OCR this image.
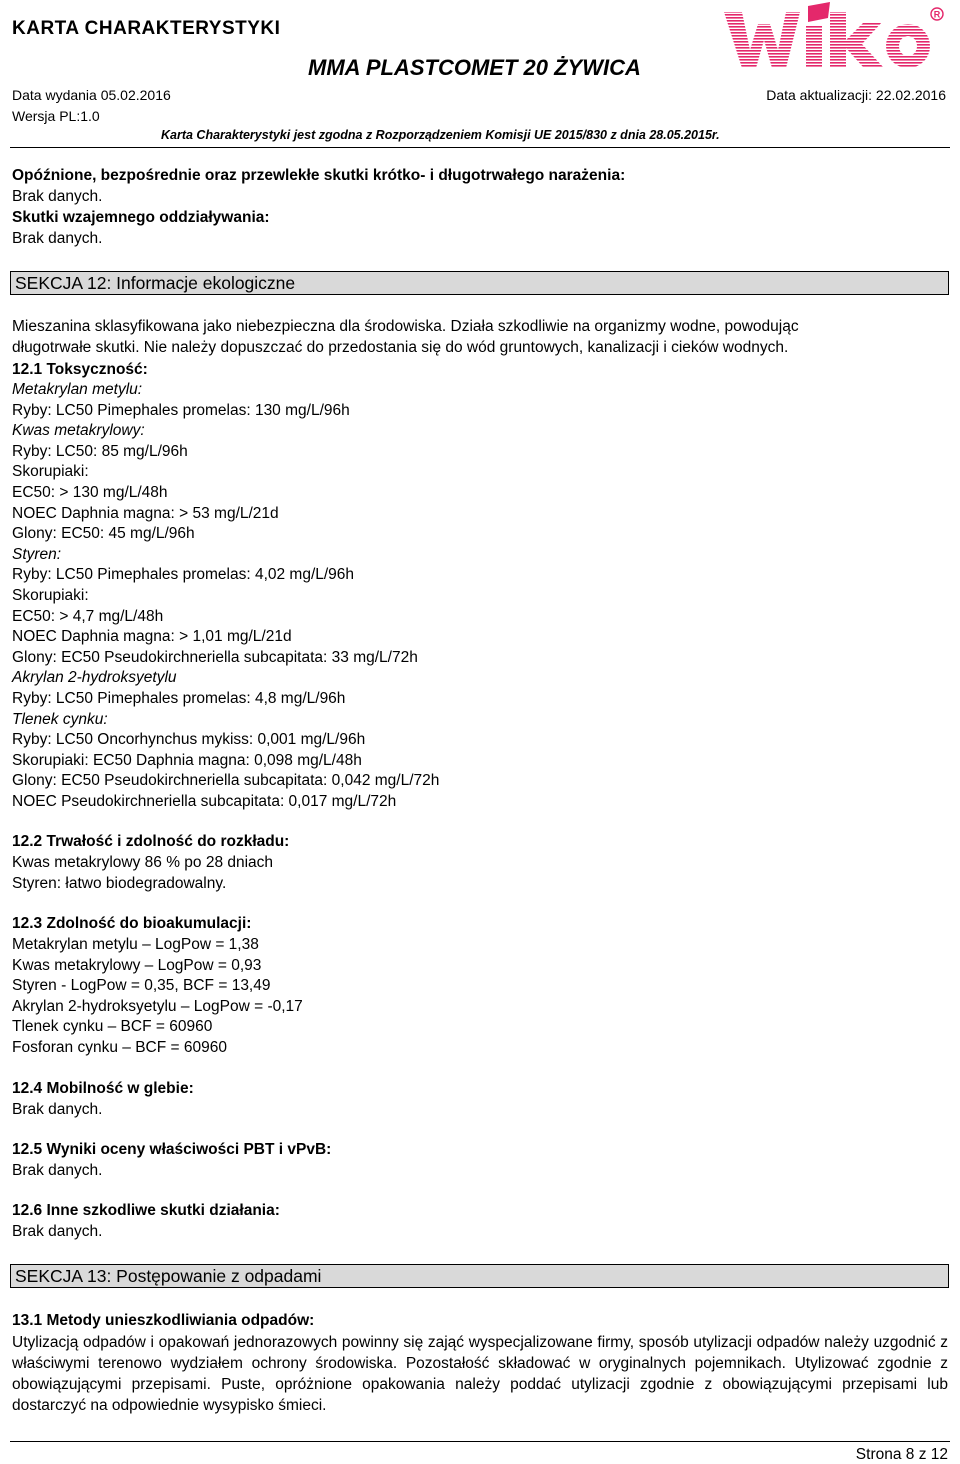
KARTA CHARAKTERYSTYKI
MMA PLASTCOMET 20 ŻYWICA
Data wydania 05.02.2016	Data aktualizacji: 22.02.2016
Wersja PL:1.0
Karta Charakterystyki jest zgodna z Rozporządzeniem Komisji UE 2015/830 z dnia 28.05.2015r.
R
Opóźnione, bezpośrednie oraz przewlekłe skutki krótko- i długotrwałego narażenia:
Brak danych.
Skutki wzajemnego oddziaływania:
Brak danych.
SEKCJA 12: Informacje ekologiczne
Mieszanina sklasyfikowana jako niebezpieczna dla środowiska. Działa szkodliwie na organizmy wodne, powodując
długotrwałe skutki. Nie należy dopuszczać do przedostania się do wód gruntowych, kanalizacji i cieków wodnych.
12.1 Toksyczność:
Metakrylan metylu:
Ryby: LC50 Pimephales promelas: 130 mg/L/96h
Kwas metakrylowy:
Ryby: LC50: 85 mg/L/96h
Skorupiaki:
EC50: > 130 mg/L/48h
NOEC Daphnia magna: > 53 mg/L/21d
Glony: EC50: 45 mg/L/96h
Styren:
Ryby: LC50 Pimephales promelas: 4,02 mg/L/96h
Skorupiaki:
EC50: > 4,7 mg/L/48h
NOEC Daphnia magna: > 1,01 mg/L/21d
Glony: EC50 Pseudokirchneriella subcapitata: 33 mg/L/72h
Akrylan 2-hydroksyetylu
Ryby: LC50 Pimephales promelas: 4,8 mg/L/96h
Tlenek cynku:
Ryby: LC50 Oncorhynchus mykiss: 0,001 mg/L/96h
Skorupiaki: EC50 Daphnia magna: 0,098 mg/L/48h
Glony: EC50 Pseudokirchneriella subcapitata: 0,042 mg/L/72h
NOEC Pseudokirchneriella subcapitata: 0,017 mg/L/72h
12.2 Trwałość i zdolność do rozkładu:
Kwas metakrylowy 86 % po 28 dniach
Styren: łatwo biodegradowalny.
12.3 Zdolność do bioakumulacji:
Metakrylan metylu – LogPow = 1,38
Kwas metakrylowy – LogPow = 0,93
Styren - LogPow = 0,35, BCF = 13,49
Akrylan 2-hydroksyetylu – LogPow = -0,17
Tlenek cynku – BCF = 60960
Fosforan cynku – BCF = 60960
12.4 Mobilność w glebie:
Brak danych.
12.5 Wyniki oceny właściwości PBT i vPvB:
Brak danych.
12.6 Inne szkodliwe skutki działania:
Brak danych.
SEKCJA 13: Postępowanie z odpadami
13.1 Metody unieszkodliwiania odpadów:
Utylizacją odpadów i opakowań jednorazowych powinny się zająć wyspecjalizowane firmy, sposób utylizacji odpadów należy uzgodnić z właściwymi terenowo wydziałem ochrony środowiska. Pozostałość składować w oryginalnych pojemnikach. Utylizować zgodnie z obowiązującymi przepisami. Puste, opróżnione opakowania należy poddać utylizacji zgodnie z obowiązującymi przepisami lub dostarczyć na odpowiednie wysypisko śmieci.
Strona 8 z 12
